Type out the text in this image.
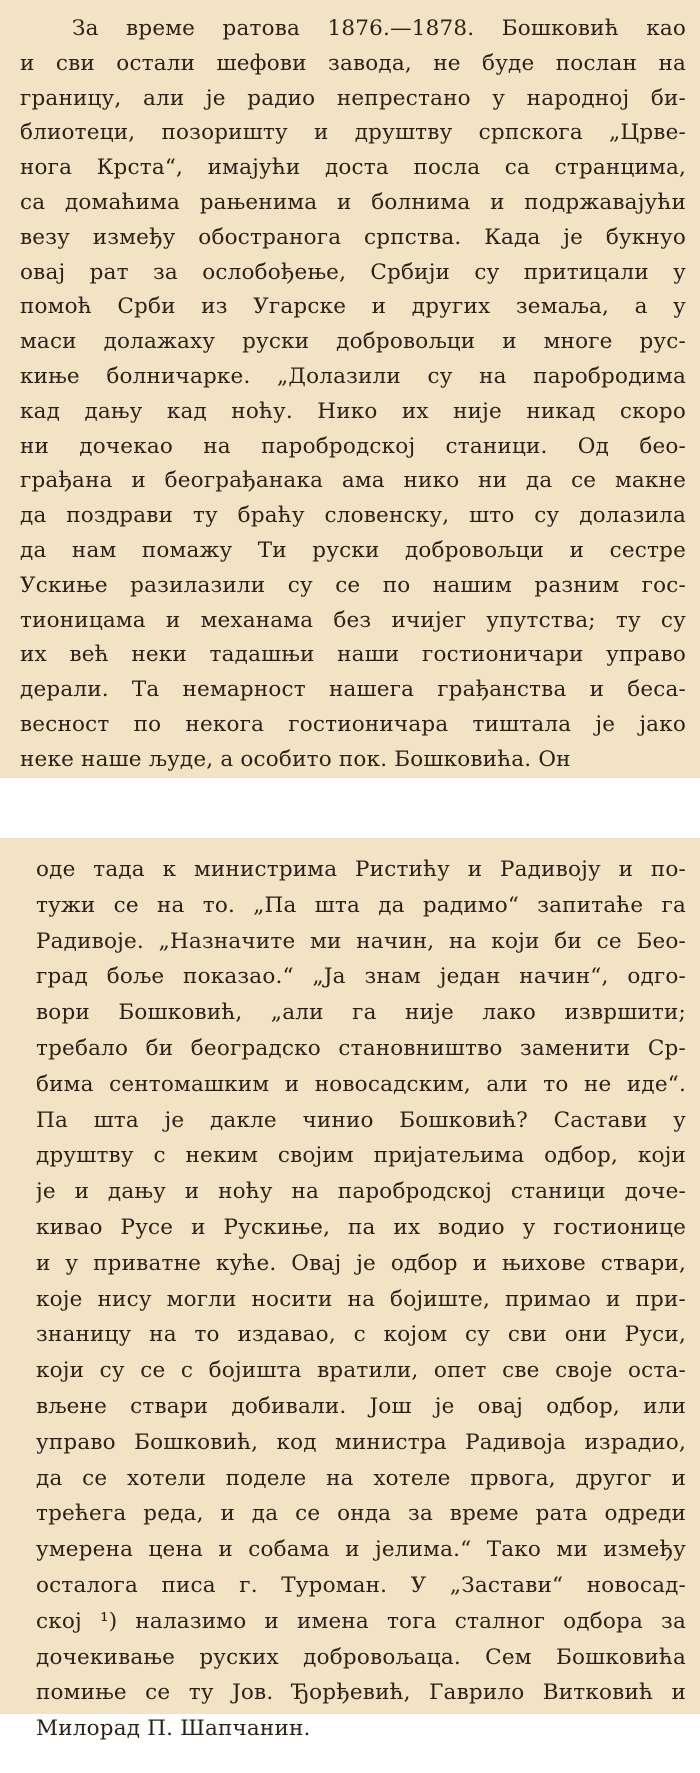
За време ратова 1876.—1878. Бошковић као
и сви остали шефови завода, не буде послан на
границу, али је радио непрестано у народној би-
блиотеци, позоришту и друштву српскога „Црве-
нога Крста“, имајући доста посла са странцима,
са домаћима рањенима и болнима и подржавајући
везу између обостранога српства. Када је букнуо
овај рат за ослобођење, Србији су притицали у
помоћ Срби из Угарске и других земаља, а у
маси долажаху руски добровољци и многе рус-
киње болничарке. „Долазили су на паробродима
кад дању кад ноћу. Нико их није никад скоро
ни дочекао на паробродској станици. Од бео-
грађана и београђанака ама нико ни да се макне
да поздрави ту браћу словенску, што су долазила
да нам помажу Ти руски добровољци и сестре
Ускиње разилазили су се по нашим разним гос-
тионицама и механама без ичијег упутства; ту су
их већ неки тадашњи наши гостионичари управо
дерали. Та немарност нашега грађанства и беса-
весност по некога гостионичара тиштала је јако
неке наше људе, а особито пок. Бошковића. Он
оде тада к министрима Ристићу и Радивоју и по-
тужи се на то. „Па шта да радимо“ запитаће га
Радивоје. „Назначите ми начин, на који би се Бео-
град боље показао.“ „Ја знам један начин“, одго-
вори Бошковић, „али га није лако извршити;
требало би београдско становништво заменити Ср-
бима сентомашким и новосадским, али то не иде“.
Па шта је дакле чинио Бошковић? Састави у
друштву с неким својим пријатељима одбор, који
је и дању и ноћу на паробродској станици доче-
кивао Русе и Рускиње, па их водио у гостионице
и у приватне куће. Овај је одбор и њихове ствари,
које нису могли носити на бојиште, примао и при-
знаницу на то издавао, с којом су сви они Руси,
који су се с бојишта вратили, опет све своје оста-
вљене ствари добивали. Још је овај одбор, или
управо Бошковић, код министра Радивоја израдио,
да се хотели поделе на хотеле првога, другог и
трећега реда, и да се онда за време рата одреди
умерена цена и собама и јелима.“ Тако ми између
осталога писа г. Туроман. У „Застави“ новосад-
ској ¹) налазимо и имена тога сталног одбора за
дочекивање руских добровољаца. Сем Бошковића
помиње се ту Јов. Ђорђевић, Гаврило Витковић и
Милорад П. Шапчанин.
